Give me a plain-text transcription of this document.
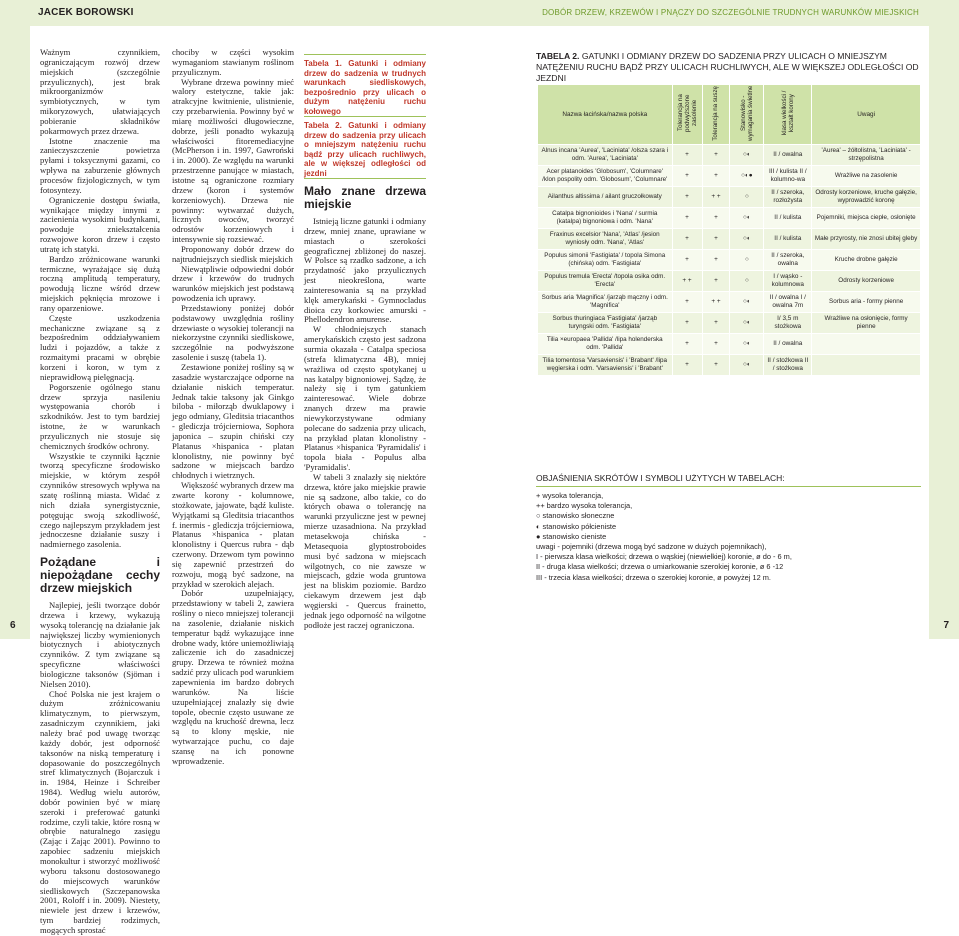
JACEK BOROWSKI	DOBÓR DRZEW, KRZEWÓW I PNĄCZY DO SZCZEGÓLNIE TRUDNYCH WARUNKÓW MIEJSKICH
6	7

Ważnym czynnikiem, ograniczającym rozwój drzew miejskich (szczególnie przyulicznych), jest brak mikroorganizmów symbiotycznych, w tym mikoryzowych, ułatwiających pobieranie składników pokarmowych przez drzewa.

Istotne znaczenie ma zanieczyszczenie powietrza pyłami i toksycznymi gazami, co wpływa na zaburzenie głównych procesów fizjologicznych, w tym fotosyntezy.

Ograniczenie dostępu światła, wynikające między innymi z zacienienia wysokimi budynkami, powoduje zniekształcenia rozwojowe koron drzew i często utratę ich statyki.

Bardzo zróżnicowane warunki termiczne, wyrażające się dużą roczną amplitudą temperatury, powodują liczne wśród drzew miejskich pęknięcia mrozowe i rany oparzeniowe.

Częste uszkodzenia mechaniczne związane są z bezpośrednim oddziaływaniem ludzi i pojazdów, a także z rozmaitymi pracami w obrębie korzeni i koron, w tym z nieprawidłową pielęgnacją.

Pogorszenie ogólnego stanu drzew sprzyja nasileniu występowania chorób i szkodników. Jest to tym bardziej istotne, że w warunkach przyulicznych nie stosuje się chemicznych środków ochrony.

Wszystkie te czynniki łącznie tworzą specyficzne środowisko miejskie, w którym zespół czynników stresowych wpływa na szatę roślinną miasta. Widać z nich działa synergistycznie, potęgując swoją szkodliwość, czego najlepszym przykładem jest jednoczesne działanie suszy i nadmiernego zasolenia.

Pożądane i niepożądane cechy drzew miejskich

Najlepiej, jeśli tworzące dobór drzewa i krzewy, wykazują wysoką tolerancję na działanie jak największej liczby wymienionych biotycznych i abiotycznych czynników. Z tym związane są specyficzne właściwości biologiczne taksonów (Sjöman i Nielsen 2010).

Choć Polska nie jest krajem o dużym zróżnicowaniu klimatycznym, to pierwszym, zasadniczym czynnikiem, jaki należy brać pod uwagę tworząc każdy dobór, jest odporność taksonów na niską temperaturę i dopasowanie do poszczególnych stref klimatycznych (Bojarczuk i in. 1984, Heinze i Schreiber 1984). Według wielu autorów, dobór powinien być w miarę szeroki i preferować gatunki rodzime, czyli takie, które rosną w obrębie naturalnego zasięgu (Zając i Zając 2001). Powinno to zapobiec sadzeniu miejskich monokultur i stworzyć możliwość wyboru taksonu dostosowanego do miejscowych warunków siedliskowych (Szczepanowska 2001, Roloff i in. 2009). Niestety, niewiele jest drzew i krzewów, tym bardziej rodzimych, mogących sprostać

chociby w części wysokim wymaganiom stawianym roślinom przyulicznym.

Wybrane drzewa powinny mieć walory estetyczne, takie jak: atrakcyjne kwitnienie, ulistnienie, czy przebarwienia. Powinny być w miarę możliwości długowieczne, dobrze, jeśli ponadto wykazują właściwości fitoremediacyjne (McPherson i in. 1997, Gawroński i in. 2000). Ze względu na warunki przestrzenne panujące w miastach, istotne są ograniczone rozmiary drzew (koron i systemów korzeniowych). Drzewa nie powinny: wytwarzać dużych, licznych owoców, tworzyć odrostów korzeniowych i intensywnie się rozsiewać.

Proponowany dobór drzew do najtrudniejszych siedlisk miejskich

Niewątpliwie odpowiedni dobór drzew i krzewów do trudnych warunków miejskich jest podstawą powodzenia ich uprawy.

Przedstawiony poniżej dobór podstawowy uwzględnia rośliny drzewiaste o wysokiej tolerancji na niekorzystne czynniki siedliskowe, szczególnie na podwyższone zasolenie i suszę (tabela 1).

Zestawione poniżej rośliny są w zasadzie wystarczające odporne na działanie niskich temperatur. Jednak takie taksony jak Ginkgo biloba - miłorząb dwuklapowy i jego odmiany, Gleditsia triacanthos - glediczja trójcierniowa, Sophora japonica – szupin chiński czy Platanus ×hispanica - platan klonolistny, nie powinny być sadzone w miejscach bardzo chłodnych i wietrznych.

Większość wybranych drzew ma zwarte korony - kolumnowe, stożkowate, jajowate, bądź kuliste. Wyjątkami są Gleditsia triacanthos f. inermis - glediczja trójcierniowa, Platanus ×hispanica - platan klonolistny i Quercus rubra - dąb czerwony. Drzewom tym powinno się zapewnić przestrzeń do rozwoju, mogą być sadzone, na przykład w szerokich alejach.

Dobór uzupełniający, przedstawiony w tabeli 2, zawiera rośliny o nieco mniejszej tolerancji na zasolenie, działanie niskich temperatur bądź wykazujące inne drobne wady, które uniemożliwiają zaliczenie ich do zasadniczej grupy. Drzewa te również można sadzić przy ulicach pod warunkiem zapewnienia im bardzo dobrych warunków. Na liście uzupełniającej znalazły się dwie topole, obecnie często usuwane ze względu na kruchość drewna, lecz są to klony męskie, nie wytwarzające puchu, co daje szansę na ich ponowne wprowadzenie.

Tabela 1. Gatunki i odmiany drzew do sadzenia w trudnych warunkach siedliskowych, bezpośrednio przy ulicach o dużym natężeniu ruchu kołowego

Tabela 2. Gatunki i odmiany drzew do sadzenia przy ulicach o mniejszym natężeniu ruchu bądź przy ulicach ruchliwych, ale w większej odległości od jezdni

Mało znane drzewa miejskie

Istnieją liczne gatunki i odmiany drzew, mniej znane, uprawiane w miastach o szerokości geograficznej zbliżonej do naszej. W Polsce są rzadko sadzone, a ich przydatność jako przyulicznych jest nieokreślona, warte zainteresowania są na przykład klęk amerykański - Gymnocladus dioica czy korkowiec amurski - Phellodendron amurense.

W chłodniejszych stanach amerykańskich często jest sadzona surmia okazała - Catalpa speciosa (strefa klimatyczna 4B), mniej wrażliwa od często spotykanej u nas katalpy bignoniowej. Sądzę, że należy się i tym gatunkiem zainteresować. Wiele dobrze znanych drzew ma prawie niewykorzystywane odmiany polecane do sadzenia przy ulicach, na przykład platan klonolistny - Platanus ×hispanica 'Pyramidalis' i topola biała - Populus alba 'Pyramidalis'.

W tabeli 3 znalazły się niektóre drzewa, które jako miejskie prawie nie są sadzone, albo takie, co do których obawa o tolerancję na warunki przyuliczne jest w pewnej mierze uzasadniona. Na przykład metasekwoja chińska - Metasequoia glyptostroboides musi być sadzona w miejscach wilgotnych, co nie zawsze w miejscach, gdzie woda gruntowa jest na bliskim poziomie. Bardzo ciekawym drzewem jest dąb węgierski - Quercus frainetto, jednak jego odporność na wilgotne podłoże jest raczej ograniczona.

TABELA 2. GATUNKI I ODMIANY DRZEW DO SADZENIA PRZY ULICACH O MNIEJSZYM NATĘŻENIU RUCHU BĄDŹ PRZY ULICACH RUCHLIWYCH, ALE W WIĘKSZEJ ODLEGŁOŚCI OD JEZDNI
Nazwa łacińska/nazwa polska	Tolerancja na podwyższone zasolenie	Tolerancja na suszę	Stanowisko - wymagania świetlne	klasa wielkości / kształt korony	Uwagi
Alnus incana 'Aurea', 'Laciniata' /olsza szara i odm. 'Aurea', 'Laciniata'	+	+	○◐	II / owalna	'Aurea' – żółtolistna, 'Laciniata' - strzępolistna
Acer platanoides 'Globosum', 'Columnare' /klon pospolity odm. 'Globosum', 'Columnare'	+	+	○◐●	III / kulista II / kolumno-wa	Wrażliwe na zasolenie
Ailanthus altissima / ailant gruczołkowaty	+	+ +	○	II / szeroka, rozłożysta	Odrosty korzeniowe, kruche gałęzie, wyprowadzić koronę
Catalpa bignonioides i 'Nana' / surmia (katalpa) bignoniowa i odm. 'Nana'	+	+	○◐	II / kulista	Pojemniki, miejsca ciepłe, osłonięte
Fraxinus excelsior 'Nana', 'Atlas' /jesion wyniosły odm. 'Nana', 'Atlas'	+	+	○◐	II / kulista	Małe przyrosty, nie znosi ubitej gleby
Populus simonii 'Fastigiata' / topola Simona (chińska) odm. 'Fastigiata'	+	+	○	II / szeroka, owalna	Kruche drobne gałęzie
Populus tremula 'Erecta' /topola osika odm. 'Erecta'	+ +	+	○	I / wąsko -kolumnowa	Odrosty korzeniowe
Sorbus aria 'Magnifica' /jarząb mączny i odm. 'Magnifica'	+	+ +	○◐	II / owalna I / owalna 7m	Sorbus aria - formy pienne
Sorbus thuringiaca 'Fastigiata' /jarząb turyngski odm. 'Fastigiata'	+	+	○◐	I/ 3,5 m stożkowa	Wrażliwe na osłonięcie, formy pienne
Tilia ×europaea 'Pallida' /lipa holenderska odm. 'Pallida'	+	+	○◐	II / owalna	
Tilia tomentosa 'Varsaviensis' i 'Brabant' /lipa węgierska i odm. 'Varsaviensis' i 'Brabant'	+	+	○◐	II / stożkowa II / stożkowa	
OBJAŚNIENIA SKRÓTÓW I SYMBOLI UŻYTYCH W TABELACH:
+ wysoka tolerancja,
++ bardzo wysoka tolerancja,
○ stanowisko słoneczne
◐ stanowisko półcieniste
● stanowisko cieniste
uwagi - pojemniki (drzewa mogą być sadzone w dużych pojemnikach),
I - pierwsza klasa wielkości; drzewa o wąskiej (niewielkiej) koronie, ø do - 6 m,
II - druga klasa wielkości; drzewa o umiarkowanie szerokiej koronie, ø 6 -12
III - trzecia klasa wielkości; drzewa o szerokiej koronie, ø powyżej 12 m.
